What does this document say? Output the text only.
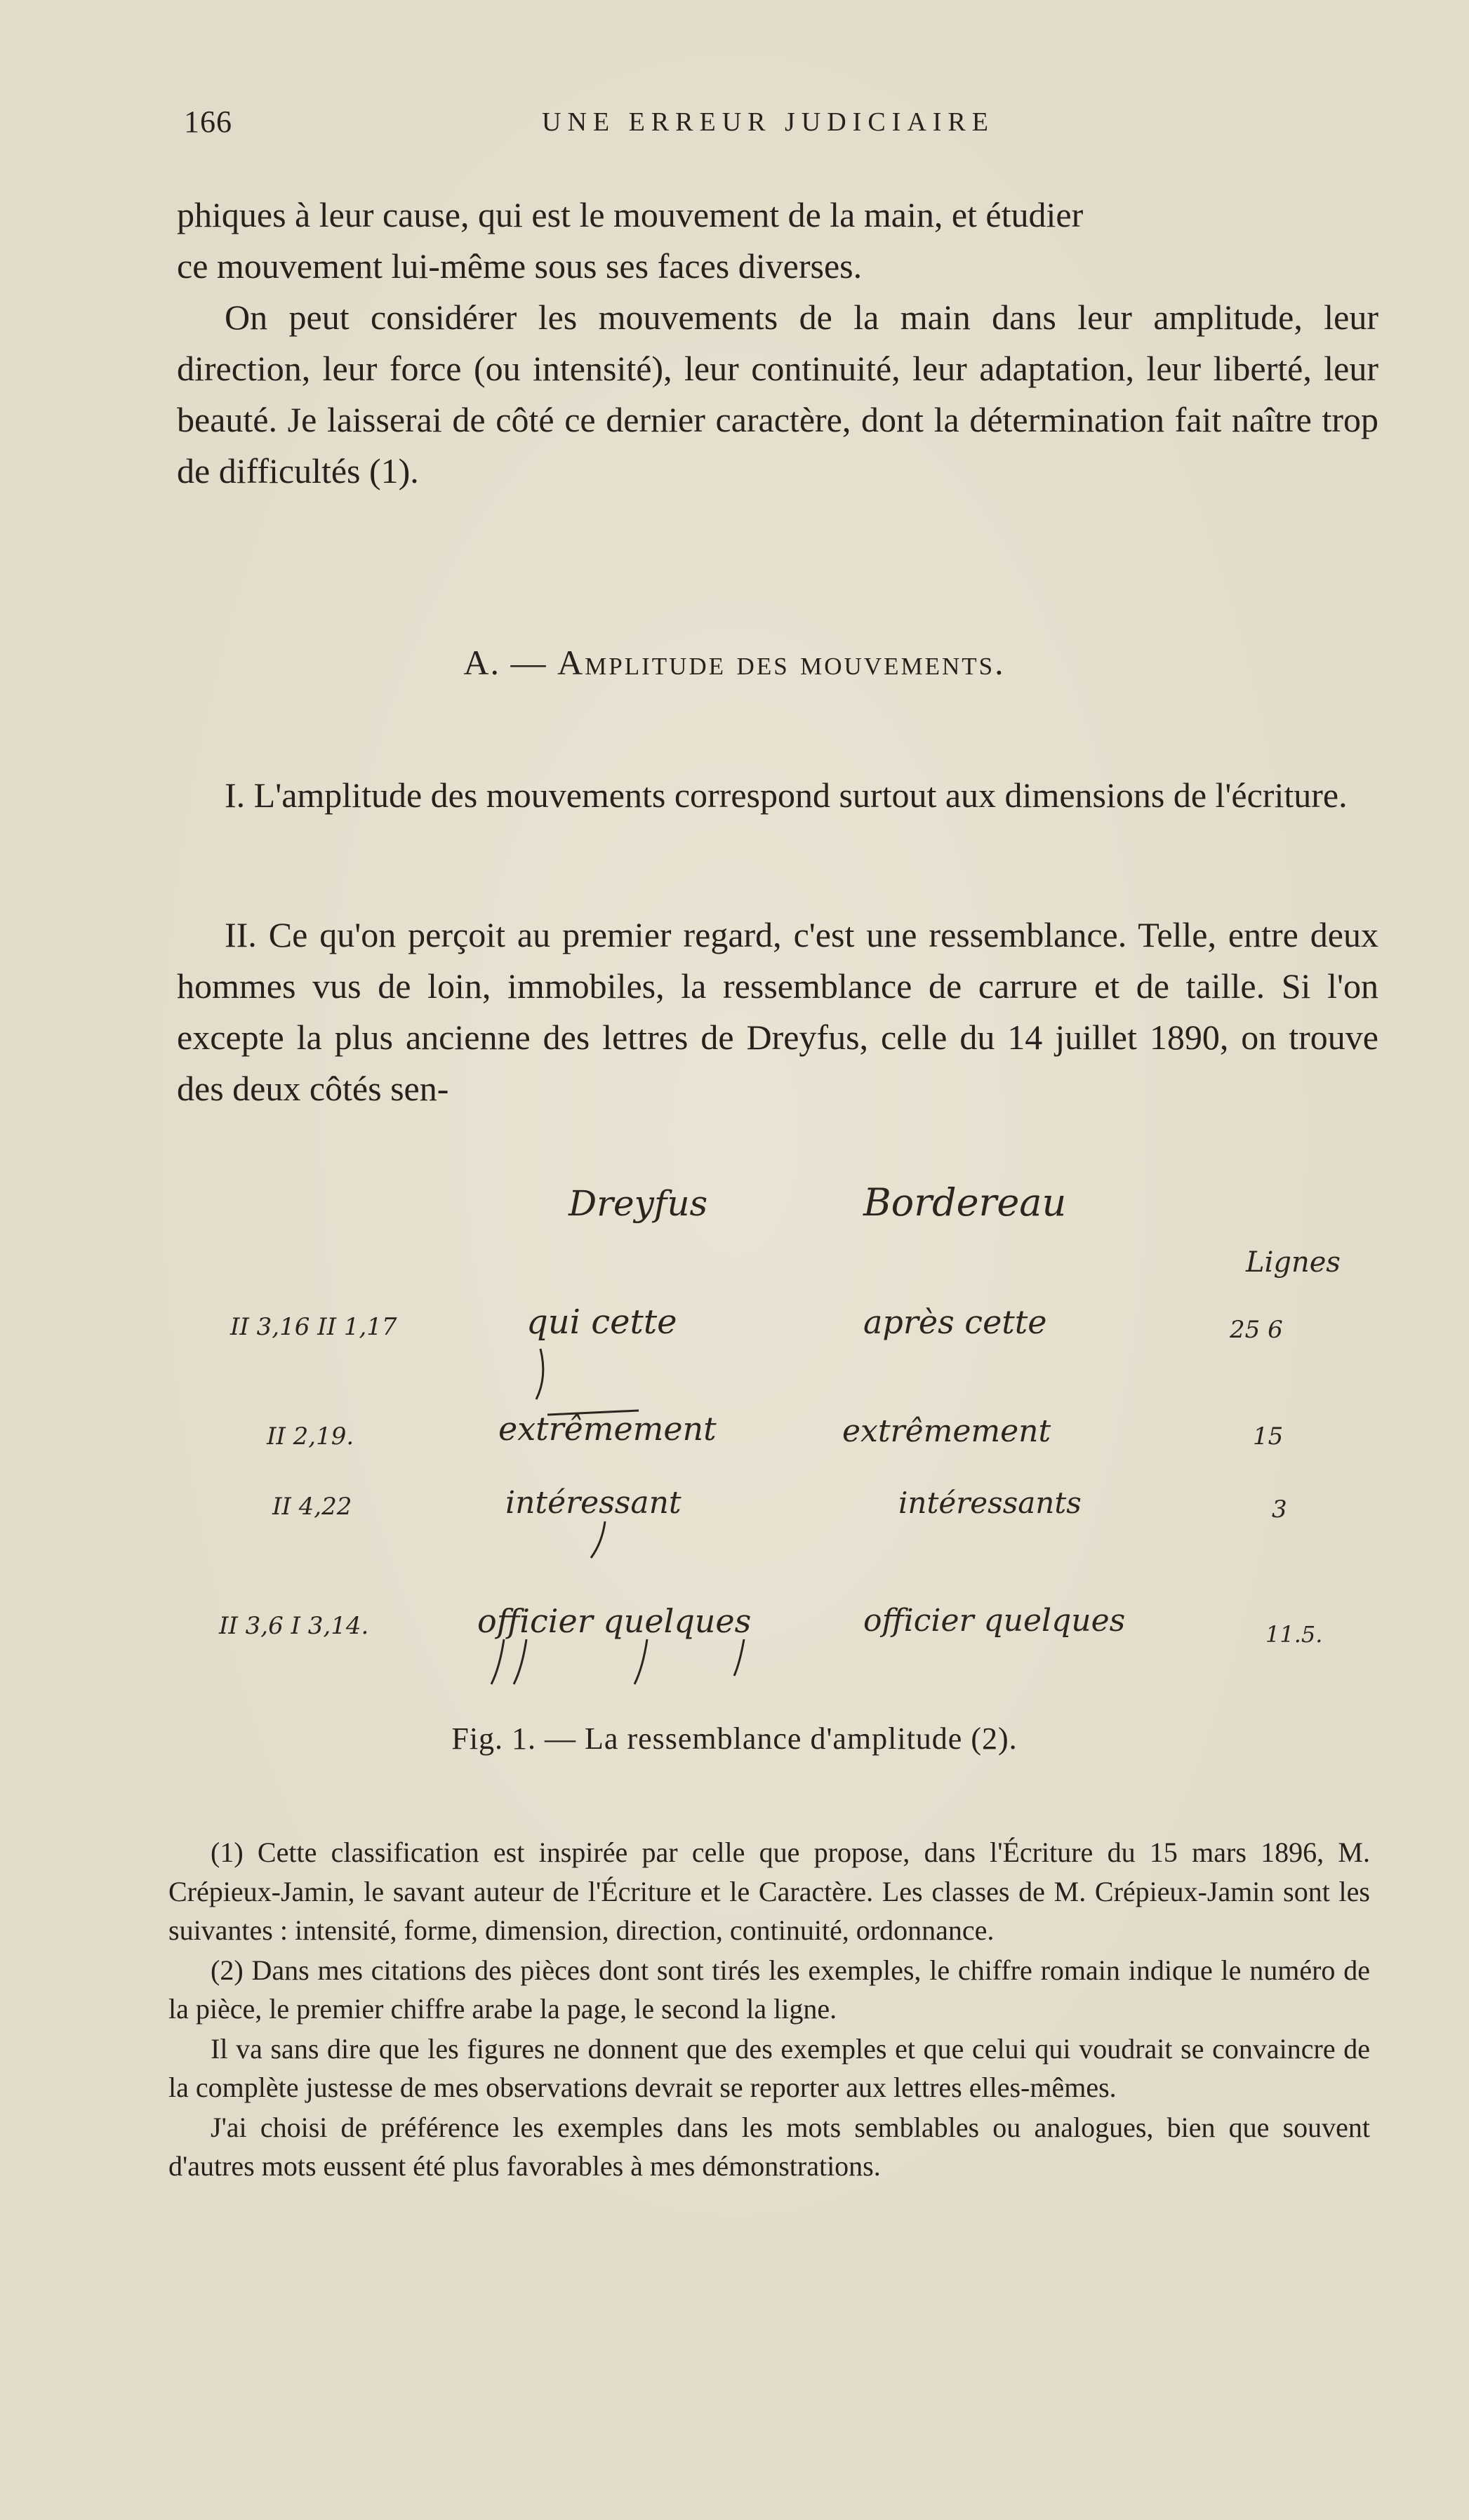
166	UNE ERREUR JUDICIAIRE
phiques à leur cause, qui est le mouvement de la main, et étudier
ce mouvement lui-même sous ses faces diverses.
On peut considérer les mouvements de la main dans leur amplitude, leur direction, leur force (ou intensité), leur continuité, leur adaptation, leur liberté, leur beauté. Je laisserai de côté ce dernier caractère, dont la détermination fait naître trop de difficultés (1).
A. — Amplitude des mouvements.
I. L'amplitude des mouvements correspond surtout aux dimensions de l'écriture.
II. Ce qu'on perçoit au premier regard, c'est une ressemblance. Telle, entre deux hommes vus de loin, immobiles, la ressemblance de carrure et de taille. Si l'on excepte la plus ancienne des lettres de Dreyfus, celle du 14 juillet 1890, on trouve des deux côtés sen-
Dreyfus	Bordereau
Lignes
II 3,16 II 1,17	qui cette	après cette	25 6
II 2,19.	extrêmement	extrêmement	15
II 4,22	intéressant	intéressants	3
II 3,6 I 3,14.	officier quelques	officier quelques	11.5.
Fig. 1. — La ressemblance d'amplitude (2).

(1) Cette classification est inspirée par celle que propose, dans l'Écriture du 15 mars 1896, M. Crépieux-Jamin, le savant auteur de l'Écriture et le Caractère. Les classes de M. Crépieux-Jamin sont les suivantes : intensité, forme, dimension, direction, continuité, ordonnance.

(2) Dans mes citations des pièces dont sont tirés les exemples, le chiffre romain indique le numéro de la pièce, le premier chiffre arabe la page, le second la ligne.

Il va sans dire que les figures ne donnent que des exemples et que celui qui voudrait se convaincre de la complète justesse de mes observations devrait se reporter aux lettres elles-mêmes.

J'ai choisi de préférence les exemples dans les mots semblables ou analogues, bien que souvent d'autres mots eussent été plus favorables à mes démonstrations.
